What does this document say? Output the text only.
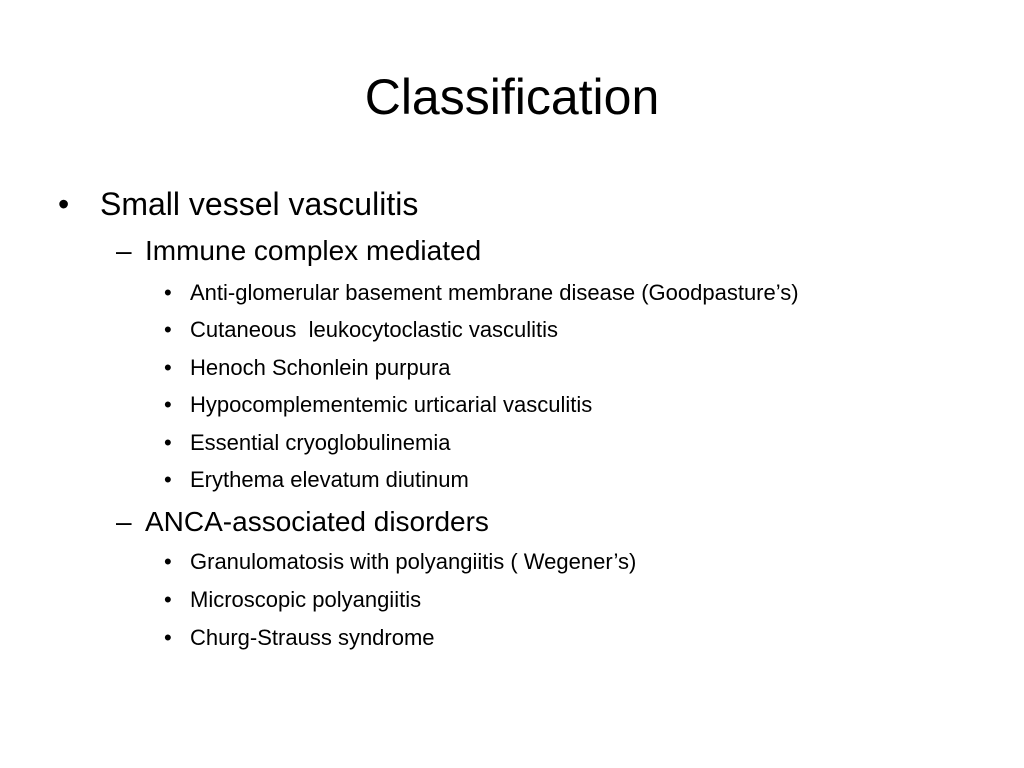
Classification
• Small vessel vasculitis
– Immune complex mediated
• Anti-glomerular basement membrane disease (Goodpasture’s)
• Cutaneous  leukocytoclastic vasculitis
• Henoch Schonlein purpura
• Hypocomplementemic urticarial vasculitis
• Essential cryoglobulinemia
• Erythema elevatum diutinum
– ANCA-associated disorders
• Granulomatosis with polyangiitis ( Wegener’s)
• Microscopic polyangiitis
• Churg-Strauss syndrome
